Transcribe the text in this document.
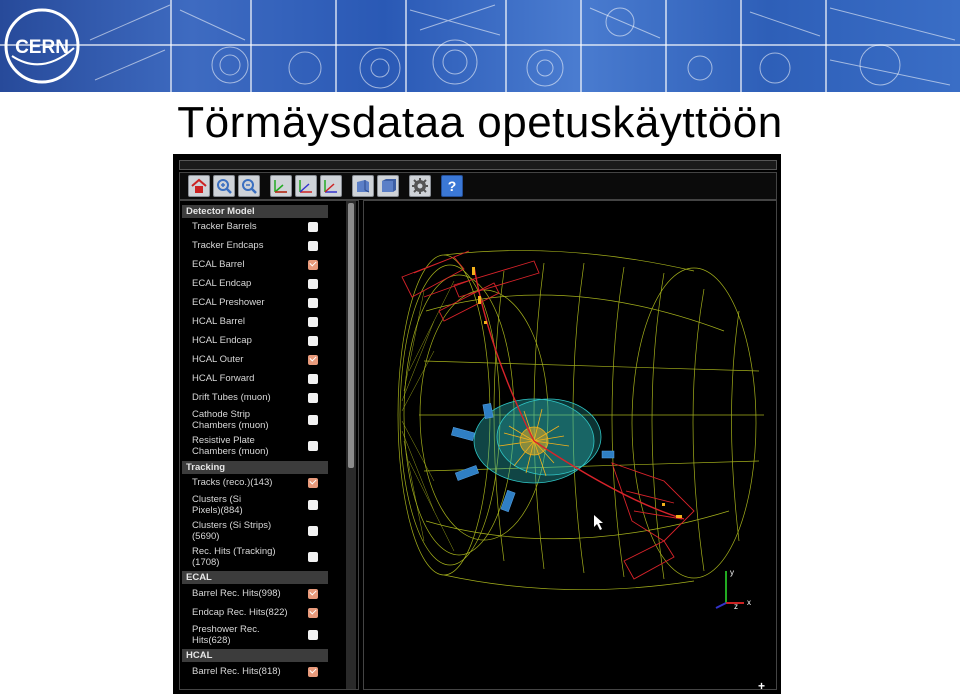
CERN
Törmäysdataa opetuskäyttöön
?
Detector Model
Tracker Barrels
Tracker Endcaps
ECAL Barrel
ECAL Endcap
ECAL Preshower
HCAL Barrel
HCAL Endcap
HCAL Outer
HCAL Forward
Drift Tubes (muon)
Cathode Strip Chambers (muon)
Resistive Plate Chambers (muon)
Tracking
Tracks (reco.)(143)
Clusters (Si Pixels)(884)
Clusters (Si Strips) (5690)
Rec. Hits (Tracking) (1708)
ECAL
Barrel Rec. Hits(998)
Endcap Rec. Hits(822)
Preshower Rec. Hits(628)
HCAL
Barrel Rec. Hits(818)
y
z x
+
